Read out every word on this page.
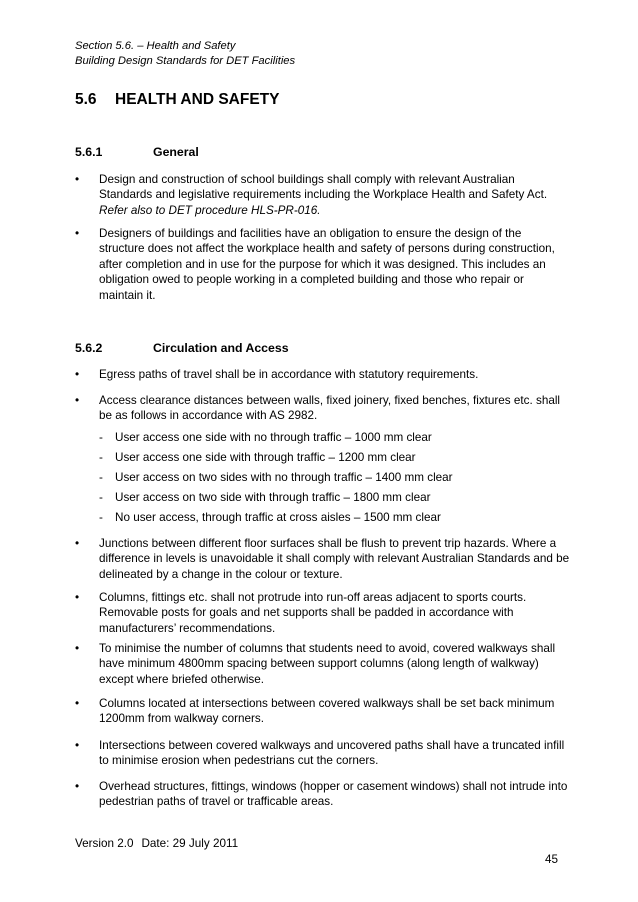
Section 5.6. – Health and Safety
Building Design Standards for DET Facilities
5.6 HEALTH AND SAFETY
5.6.1	General
• Design and construction of school buildings shall comply with relevant Australian Standards and legislative requirements including the Workplace Health and Safety Act. Refer also to DET procedure HLS-PR-016.
• Designers of buildings and facilities have an obligation to ensure the design of the structure does not affect the workplace health and safety of persons during construction, after completion and in use for the purpose for which it was designed. This includes an obligation owed to people working in a completed building and those who repair or maintain it.
5.6.2	Circulation and Access
• Egress paths of travel shall be in accordance with statutory requirements.
• Access clearance distances between walls, fixed joinery, fixed benches, fixtures etc. shall be as follows in accordance with AS 2982.
- User access one side with no through traffic – 1000 mm clear
- User access one side with through traffic – 1200 mm clear
- User access on two sides with no through traffic – 1400 mm clear
- User access on two side with through traffic – 1800 mm clear
- No user access, through traffic at cross aisles – 1500 mm clear
• Junctions between different floor surfaces shall be flush to prevent trip hazards. Where a difference in levels is unavoidable it shall comply with relevant Australian Standards and be delineated by a change in the colour or texture.
• Columns, fittings etc. shall not protrude into run-off areas adjacent to sports courts. Removable posts for goals and net supports shall be padded in accordance with manufacturers’ recommendations.
• To minimise the number of columns that students need to avoid, covered walkways shall have minimum 4800mm spacing between support columns (along length of walkway) except where briefed otherwise.
• Columns located at intersections between covered walkways shall be set back minimum 1200mm from walkway corners.
• Intersections between covered walkways and uncovered paths shall have a truncated infill to minimise erosion when pedestrians cut the corners.
• Overhead structures, fittings, windows (hopper or casement windows) shall not intrude into pedestrian paths of travel or trafficable areas.
Version 2.0 Date: 29 July 2011
45
